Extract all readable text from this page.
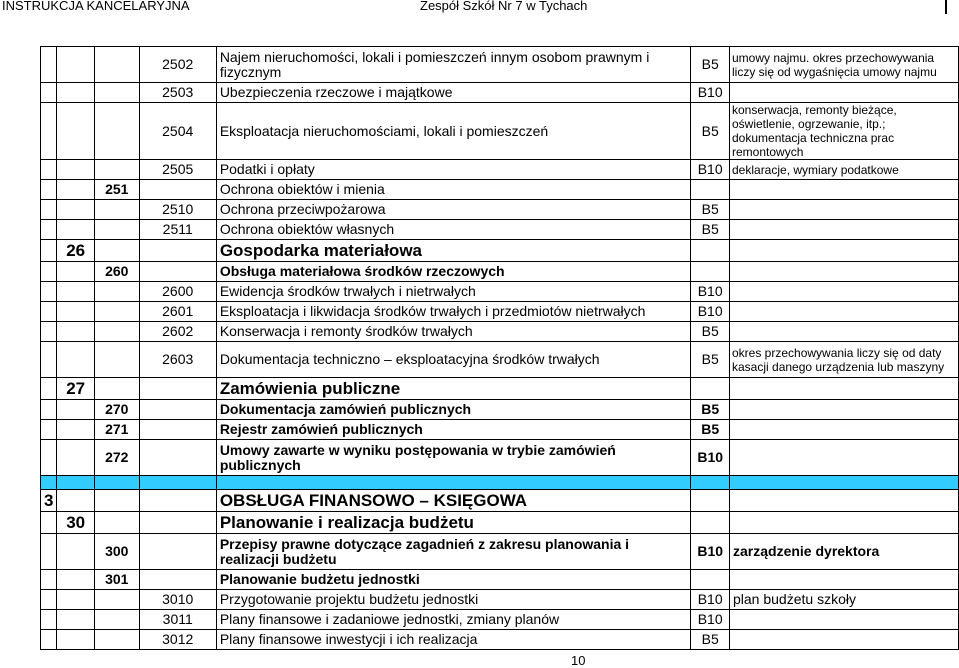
INSTRUKCJA KANCELARYJNA	Zespół Szkół Nr 7 w Tychach
			2502	Najem nieruchomości, lokali i pomieszczeń innym osobom prawnym i fizycznym	B5	umowy najmu. okres przechowywania liczy się od wygaśnięcia umowy najmu
			2503	Ubezpieczenia rzeczowe i majątkowe	B10	
			2504	Eksploatacja nieruchomościami, lokali i pomieszczeń	B5	konserwacja, remonty bieżące, oświetlenie, ogrzewanie, itp.; dokumentacja techniczna prac remontowych
			2505	Podatki i opłaty	B10	deklaracje, wymiary podatkowe
		251		Ochrona obiektów i mienia		
			2510	Ochrona przeciwpożarowa	B5	
			2511	Ochrona obiektów własnych	B5	
	26			Gospodarka materiałowa		
		260		Obsługa materiałowa środków rzeczowych		
			2600	Ewidencja środków trwałych i nietrwałych	B10	
			2601	Eksploatacja i likwidacja środków trwałych i przedmiotów nietrwałych	B10	
			2602	Konserwacja i remonty środków trwałych	B5	
			2603	Dokumentacja techniczno – eksploatacyjna środków trwałych	B5	okres przechowywania liczy się od daty kasacji danego urządzenia lub maszyny
	27			Zamówienia publiczne		
		270		Dokumentacja zamówień publicznych	B5	
		271		Rejestr zamówień publicznych	B5	
		272		Umowy zawarte w wyniku postępowania w trybie zamówień publicznych	B10	

3				OBSŁUGA FINANSOWO – KSIĘGOWA		
	30			Planowanie i realizacja budżetu		
		300		Przepisy prawne dotyczące zagadnień z zakresu planowania i realizacji budżetu	B10	zarządzenie dyrektora
		301		Planowanie budżetu jednostki		
			3010	Przygotowanie projektu budżetu jednostki	B10	plan budżetu szkoły
			3011	Plany finansowe i zadaniowe jednostki, zmiany planów	B10	
			3012	Plany finansowe inwestycji i ich realizacja	B5	
10
